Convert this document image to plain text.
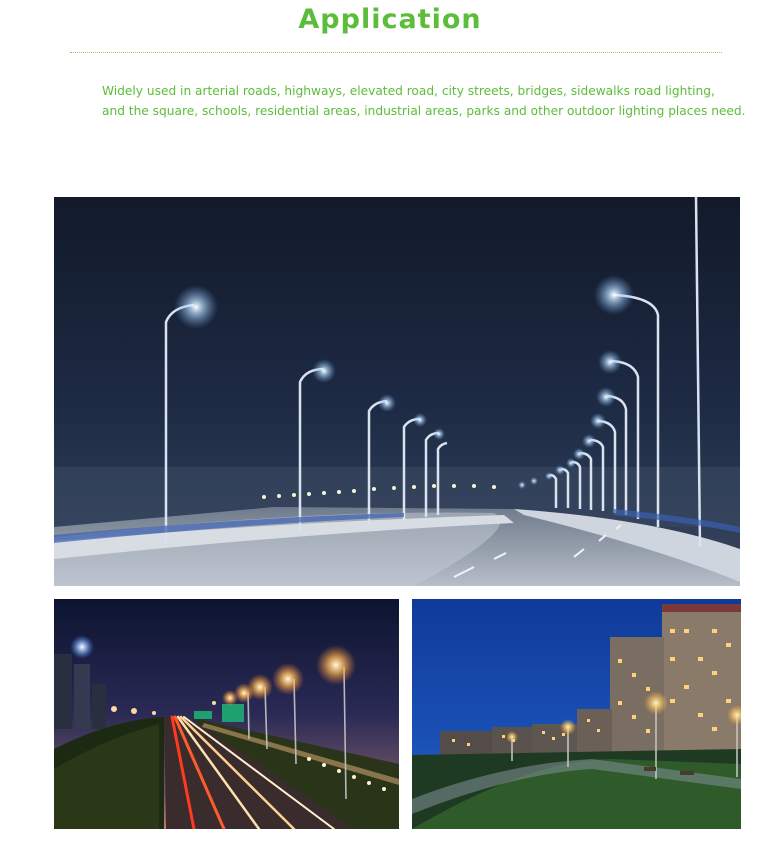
Application
Widely used in arterial roads, highways, elevated road, city streets, bridges, sidewalks road lighting,
and the square, schools, residential areas, industrial areas, parks and other outdoor lighting places need.
